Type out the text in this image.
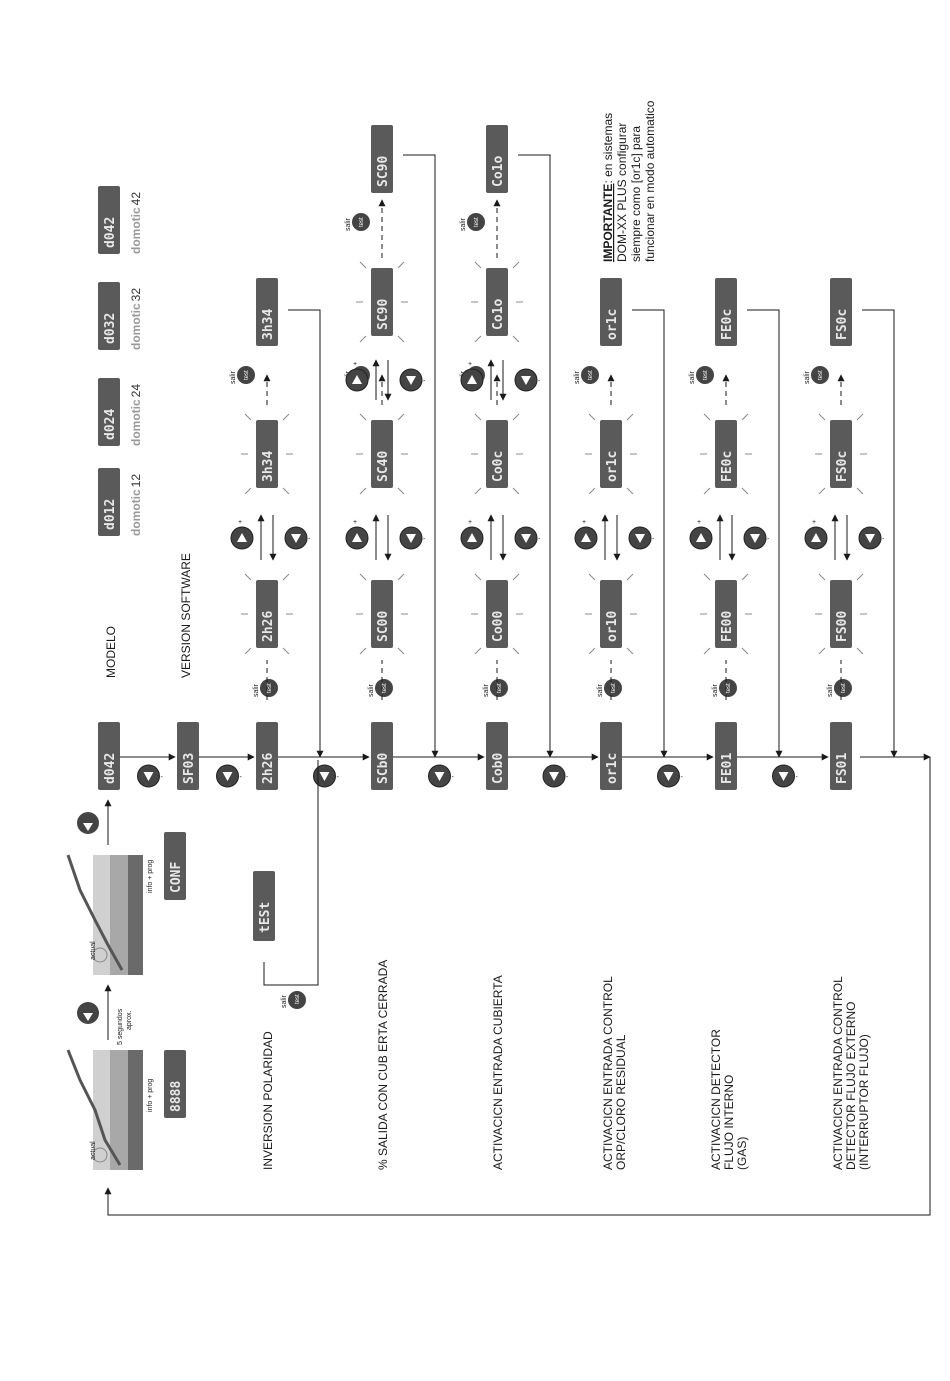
actual
8888
info + prog
actual
CONF
info + prog
5 segundos aprox.
MODELO	VERSION SOFTWARE
d012 domotic12
d024 domotic24
d032 domotic32
d042 domotic42
d042	SF03	2h26	SCb0	Cob0	or1c	FE01	FS01
-	-	-	-	-	-	-
test
salir
2h26
+
-
3h34
test
salir
3h34
test
salir
SC00
+
-
SC40
+
-
SC90
test
salir
SC90
test
salir
Co00
+
-
Co0c
+
-
Co1o
test
salir
Co1o
test
salir
or10
+
-
or1c
test
salir
or1c
test
salir
FE00
+
-
FE0c
test
salir
FE0c
test
salir
FS00
+
-
FS0c
test
salir
FS0c
INVERSION POLARIDAD	% SALIDA CON CUB ERTA CERRADA	ACTIVACICN ENTRADA CUBIERTA	ACTIVACICN ENTRADA CONTROL ORP/CLORO RESIDUAL	ACTIVACICN DETECTOR FLUJO INTERNO (GAS)	ACTIVACICN ENTRADA CONTROL DETECTOR FLUJO EXTERNO (INTERRUPTOR FLUJO)
tESt
test
salir
IMPORTANTE: en sistemas DOM-XX PLUS configurar siempre como [or1c] para funcionar en modo automatico
